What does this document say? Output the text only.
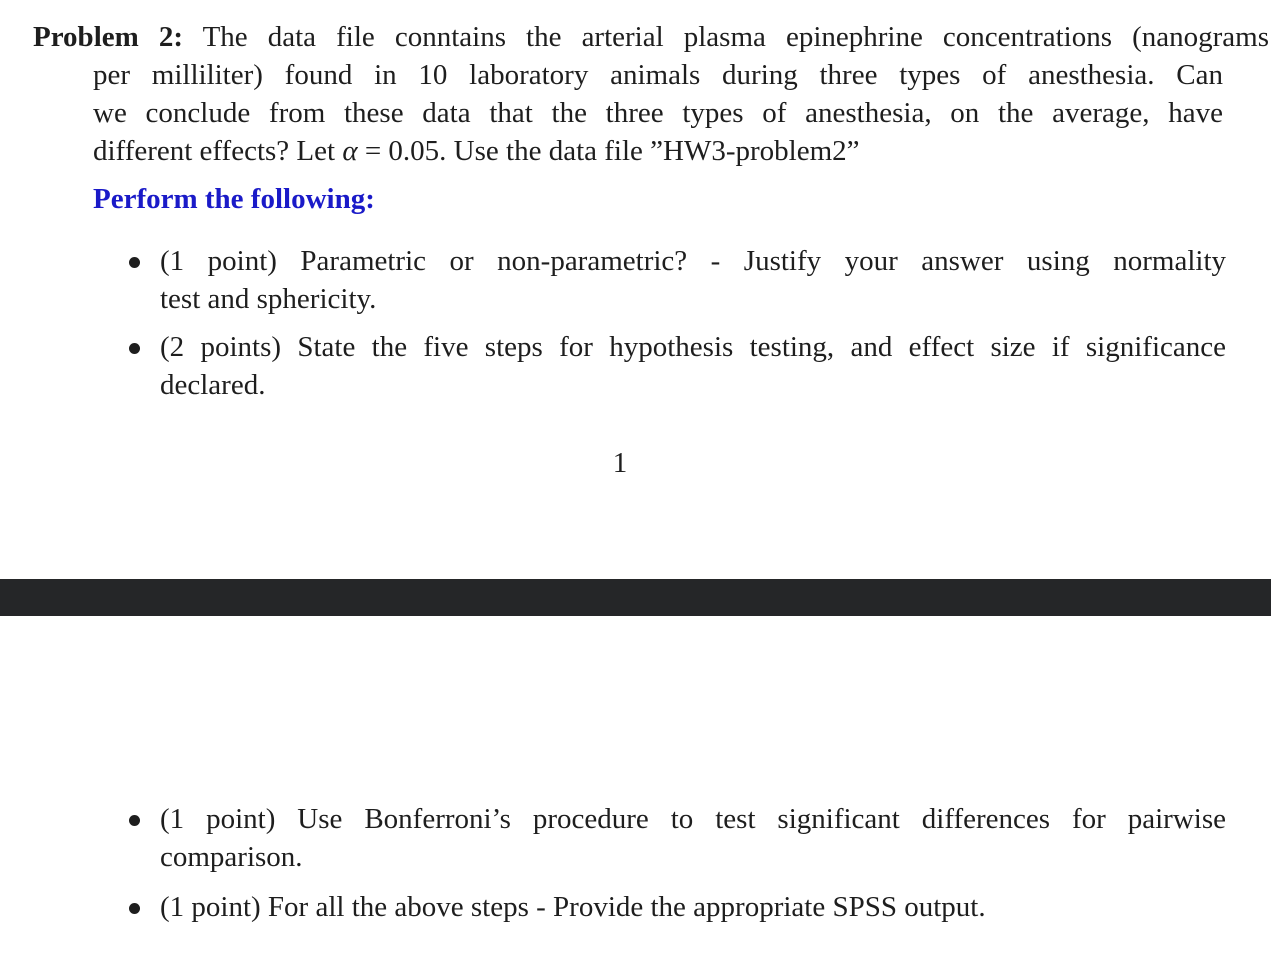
Problem 2: The data file conntains the arterial plasma epinephrine concentrations (nanograms
per milliliter) found in 10 laboratory animals during three types of anesthesia. Can
we conclude from these data that the three types of anesthesia, on the average, have
different effects? Let α = 0.05. Use the data file ”HW3-problem2”
Perform the following:
(1 point) Parametric or non-parametric? - Justify your answer using normality
test and sphericity.
(2 points) State the five steps for hypothesis testing, and effect size if significance
declared.
1
(1 point) Use Bonferroni’s procedure to test significant differences for pairwise
comparison.
(1 point) For all the above steps - Provide the appropriate SPSS output.
